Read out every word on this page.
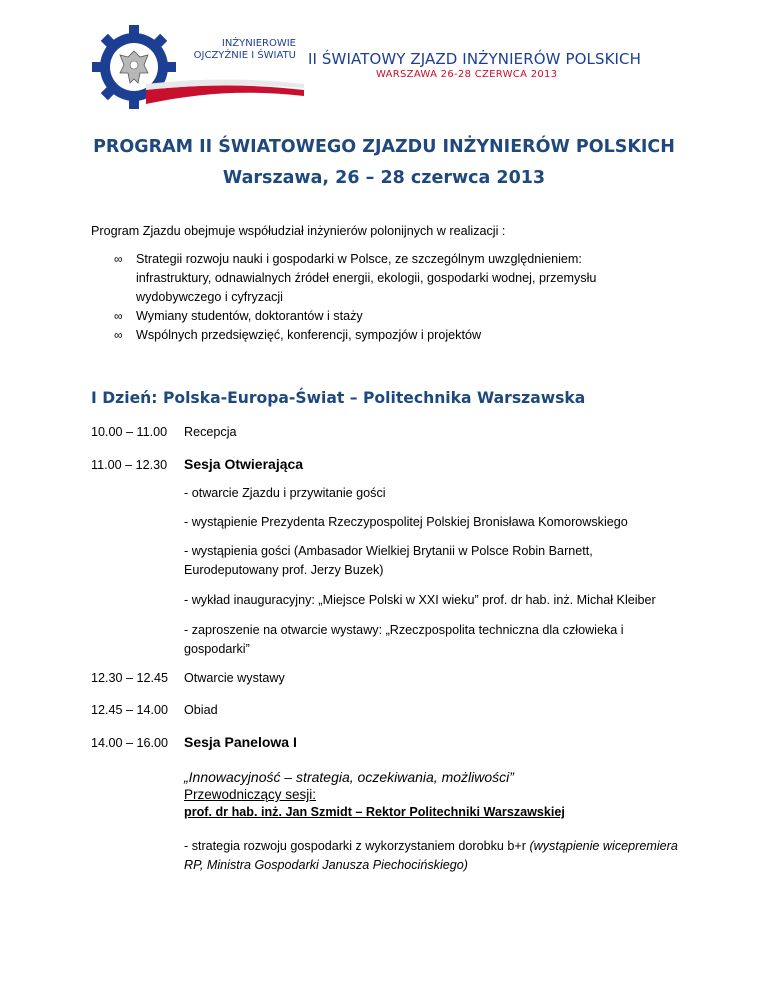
INŻYNIEROWIE
OJCZYŹNIE I ŚWIATU II ŚWIATOWY ZJAZD INŻYNIERÓW POLSKICH
WARSZAWA 26-28 CZERWCA 2013
PROGRAM II ŚWIATOWEGO ZJAZDU INŻYNIERÓW POLSKICH
Warszawa, 26 – 28 czerwca 2013
Program Zjazdu obejmuje współudział inżynierów polonijnych w realizacji :
∞	Strategii rozwoju nauki i gospodarki w Polsce, ze szczególnym uwzględnieniem: infrastruktury, odnawialnych źródeł energii, ekologii, gospodarki wodnej, przemysłu wydobywczego i cyfryzacji
∞	Wymiany studentów, doktorantów i staży
∞	Wspólnych przedsięwzięć, konferencji, sympozjów i projektów
I Dzień: Polska-Europa-Świat – Politechnika Warszawska
10.00 – 11.00 Recepcja
11.00 – 12.30 Sesja Otwierająca
- otwarcie Zjazdu i przywitanie gości
- wystąpienie Prezydenta Rzeczypospolitej Polskiej Bronisława Komorowskiego
- wystąpienia gości (Ambasador Wielkiej Brytanii w Polsce Robin Barnett, Eurodeputowany prof. Jerzy Buzek)
- wykład inauguracyjny: „Miejsce Polski w XXI wieku” prof. dr hab. inż. Michał Kleiber
- zaproszenie na otwarcie wystawy: „Rzeczpospolita techniczna dla człowieka i gospodarki”
12.30 – 12.45 Otwarcie wystawy
12.45 – 14.00 Obiad
14.00 – 16.00 Sesja Panelowa I
„Innowacyjność – strategia, oczekiwania, możliwości”
Przewodniczący sesji:
prof. dr hab. inż. Jan Szmidt – Rektor Politechniki Warszawskiej
- strategia rozwoju gospodarki z wykorzystaniem dorobku b+r (wystąpienie wicepremiera RP, Ministra Gospodarki Janusza Piechocińskiego)
